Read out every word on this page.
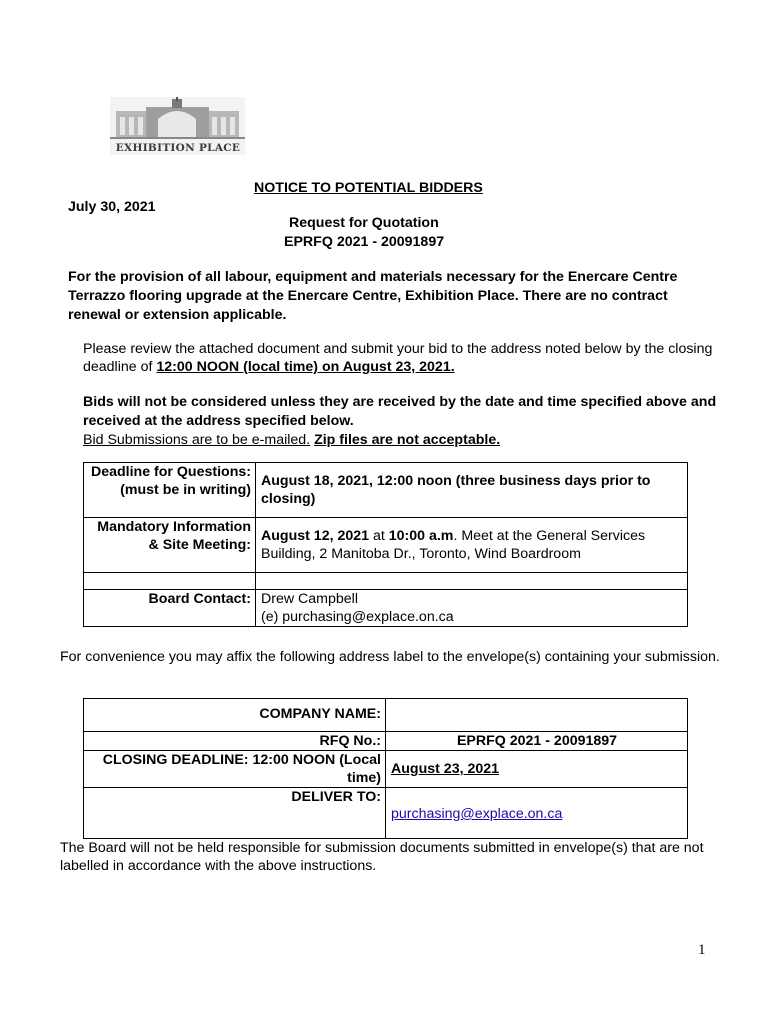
EXHIBITION PLACE
NOTICE TO POTENTIAL BIDDERS
July 30, 2021
Request for Quotation
EPRFQ 2021 - 20091897
For the provision of all labour, equipment and materials necessary for the Enercare Centre Terrazzo flooring upgrade at the Enercare Centre, Exhibition Place. There are no contract renewal or extension applicable.
Please review the attached document and submit your bid to the address noted below by the closing deadline of 12:00 NOON (local time) on August 23, 2021.
Bids will not be considered unless they are received by the date and time specified above and received at the address specified below.
Bid Submissions are to be e-mailed. Zip files are not acceptable.
Deadline for Questions: (must be in writing)	August 18, 2021, 12:00 noon (three business days prior to closing)
Mandatory Information & Site Meeting:	August 12, 2021 at 10:00 a.m. Meet at the General Services Building, 2 Manitoba Dr., Toronto, Wind Boardroom

Board Contact:	Drew Campbell
(e) purchasing@explace.on.ca
For convenience you may affix the following address label to the envelope(s) containing your submission.
COMPANY NAME:	
RFQ No.:	EPRFQ 2021 - 20091897
CLOSING DEADLINE: 12:00 NOON (Local time)	August 23, 2021
DELIVER TO:	purchasing@explace.on.ca
The Board will not be held responsible for submission documents submitted in envelope(s) that are not labelled in accordance with the above instructions.
1
